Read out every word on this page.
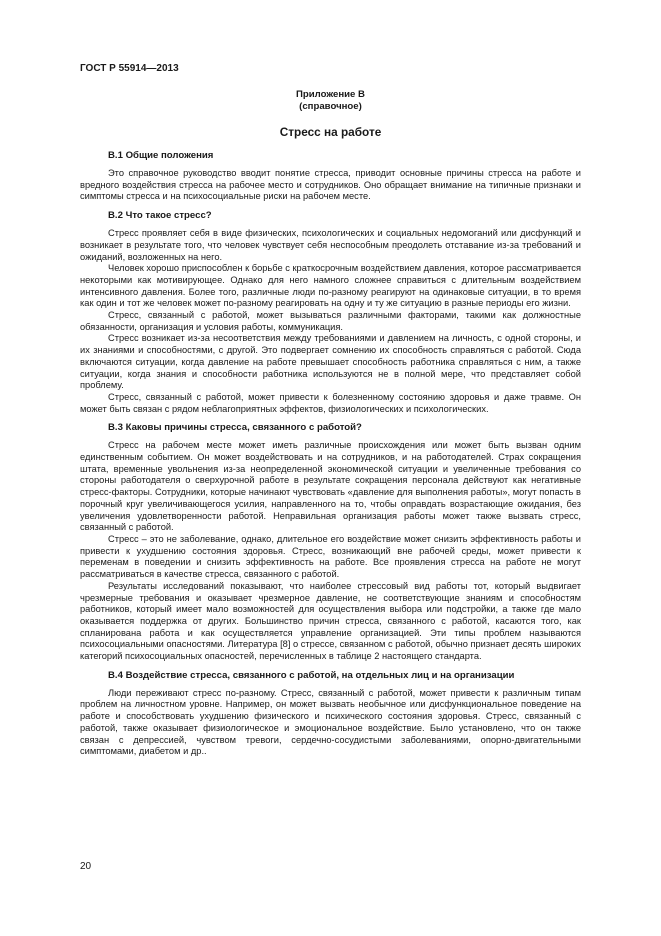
ГОСТ Р 55914—2013
Приложение В
(справочное)
Стресс на работе
В.1 Общие положения

Это справочное руководство вводит понятие стресса, приводит основные причины стресса на работе и вредного воздействия стресса на рабочее место и сотрудников. Оно обращает внимание на типичные признаки и симптомы стресса и на психосоциальные риски на рабочем месте.

В.2 Что такое стресс?

Стресс проявляет себя в виде физических, психологических и социальных недомоганий или дисфункций и возникает в результате того, что человек чувствует себя неспособным преодолеть отставание из-за требований и ожиданий, возложенных на него.

Человек хорошо приспособлен к борьбе с краткосрочным воздействием давления, которое рассматривается некоторыми как мотивирующее. Однако для него намного сложнее справиться с длительным воздействием интенсивного давления. Более того, различные люди по-разному реагируют на одинаковые ситуации, в то время как один и тот же человек может по-разному реагировать на одну и ту же ситуацию в разные периоды его жизни.

Стресс, связанный с работой, может вызываться различными факторами, такими как должностные обязанности, организация и условия работы, коммуникация.

Стресс возникает из-за несоответствия между требованиями и давлением на личность, с одной стороны, и их знаниями и способностями, с другой. Это подвергает сомнению их способность справляться с работой. Сюда включаются ситуации, когда давление на работе превышает способность работника справляться с ним, а также ситуации, когда знания и способности работника используются не в полной мере, что представляет собой проблему.

Стресс, связанный с работой, может привести к болезненному состоянию здоровья и даже травме. Он может быть связан с рядом неблагоприятных эффектов, физиологических и психологических.

В.3 Каковы причины стресса, связанного с работой?

Стресс на рабочем месте может иметь различные происхождения или может быть вызван одним единственным событием. Он может воздействовать и на сотрудников, и на работодателей. Страх сокращения штата, временные увольнения из-за неопределенной экономической ситуации и увеличенные требования со стороны работодателя о сверхурочной работе в результате сокращения персонала действуют как негативные стресс-факторы. Сотрудники, которые начинают чувствовать «давление для выполнения работы», могут попасть в порочный круг увеличивающегося усилия, направленного на то, чтобы оправдать возрастающие ожидания, без увеличения удовлетворенности работой. Неправильная организация работы может также вызвать стресс, связанный с работой.

Стресс – это не заболевание, однако, длительное его воздействие может снизить эффективность работы и привести к ухудшению состояния здоровья. Стресс, возникающий вне рабочей среды, может привести к переменам в поведении и снизить эффективность на работе. Все проявления стресса на работе не могут рассматриваться в качестве стресса, связанного с работой.

Результаты исследований показывают, что наиболее стрессовый вид работы тот, который выдвигает чрезмерные требования и оказывает чрезмерное давление, не соответствующие знаниям и способностям работников, который имеет мало возможностей для осуществления выбора или подстройки, а также где мало оказывается поддержка от других. Большинство причин стресса, связанного с работой, касаются того, как спланирована работа и как осуществляется управление организацией. Эти типы проблем называются психосоциальными опасностями. Литература [8] о стрессе, связанном с работой, обычно признает десять широких категорий психосоциальных опасностей, перечисленных в таблице 2 настоящего стандарта.

В.4 Воздействие стресса, связанного с работой, на отдельных лиц и на организации

Люди переживают стресс по-разному. Стресс, связанный с работой, может привести к различным типам проблем на личностном уровне. Например, он может вызвать необычное или дисфункциональное поведение на работе и способствовать ухудшению физического и психического состояния здоровья. Стресс, связанный с работой, также оказывает физиологическое и эмоциональное воздействие. Было установлено, что он также связан с депрессией, чувством тревоги, сердечно-сосудистыми заболеваниями, опорно-двигательными симптомами, диабетом и др..

20
